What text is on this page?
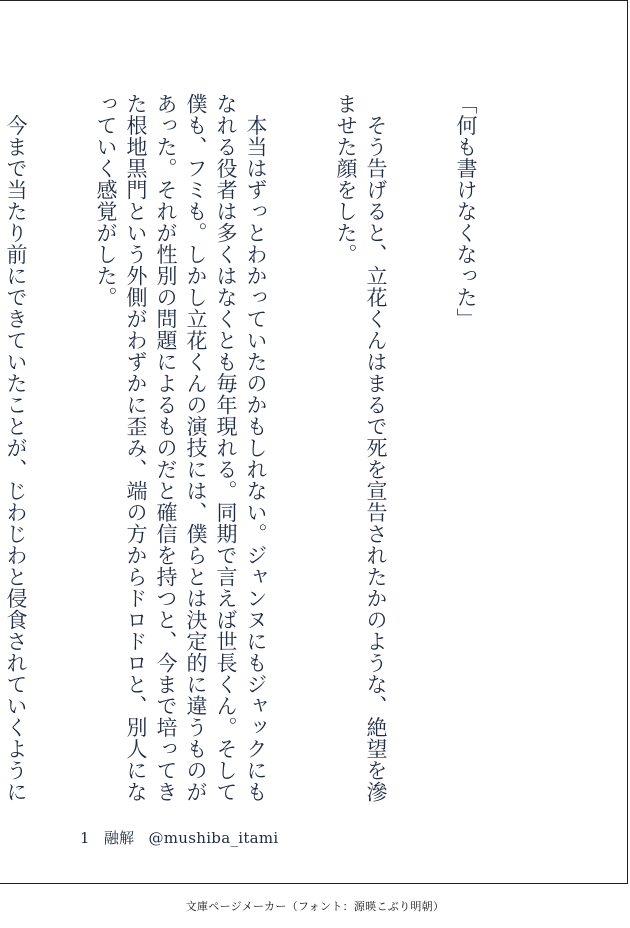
「何も書けなくなった」

　そう告げると、立花くんはまるで死を宣告されたかのような、絶望を滲ませた顔をした。

　本当はずっとわかっていたのかもしれない。ジャンヌにもジャックにもなれる役者は多くはなくとも毎年現れる。同期で言えば世長くん。そして僕も、フミも。しかし立花くんの演技には、僕らとは決定的に違うものがあった。それが性別の問題によるものだと確信を持つと、今まで培ってきた根地黒門という外側がわずかに歪み、端の方からドロドロと、別人になっていく感覚がした。

　今まで当たり前にできていたことが、じわじわと侵食されていくように

1 融解 @mushiba_itami
文庫ページメーカー（フォント：源暎こぶり明朝）
